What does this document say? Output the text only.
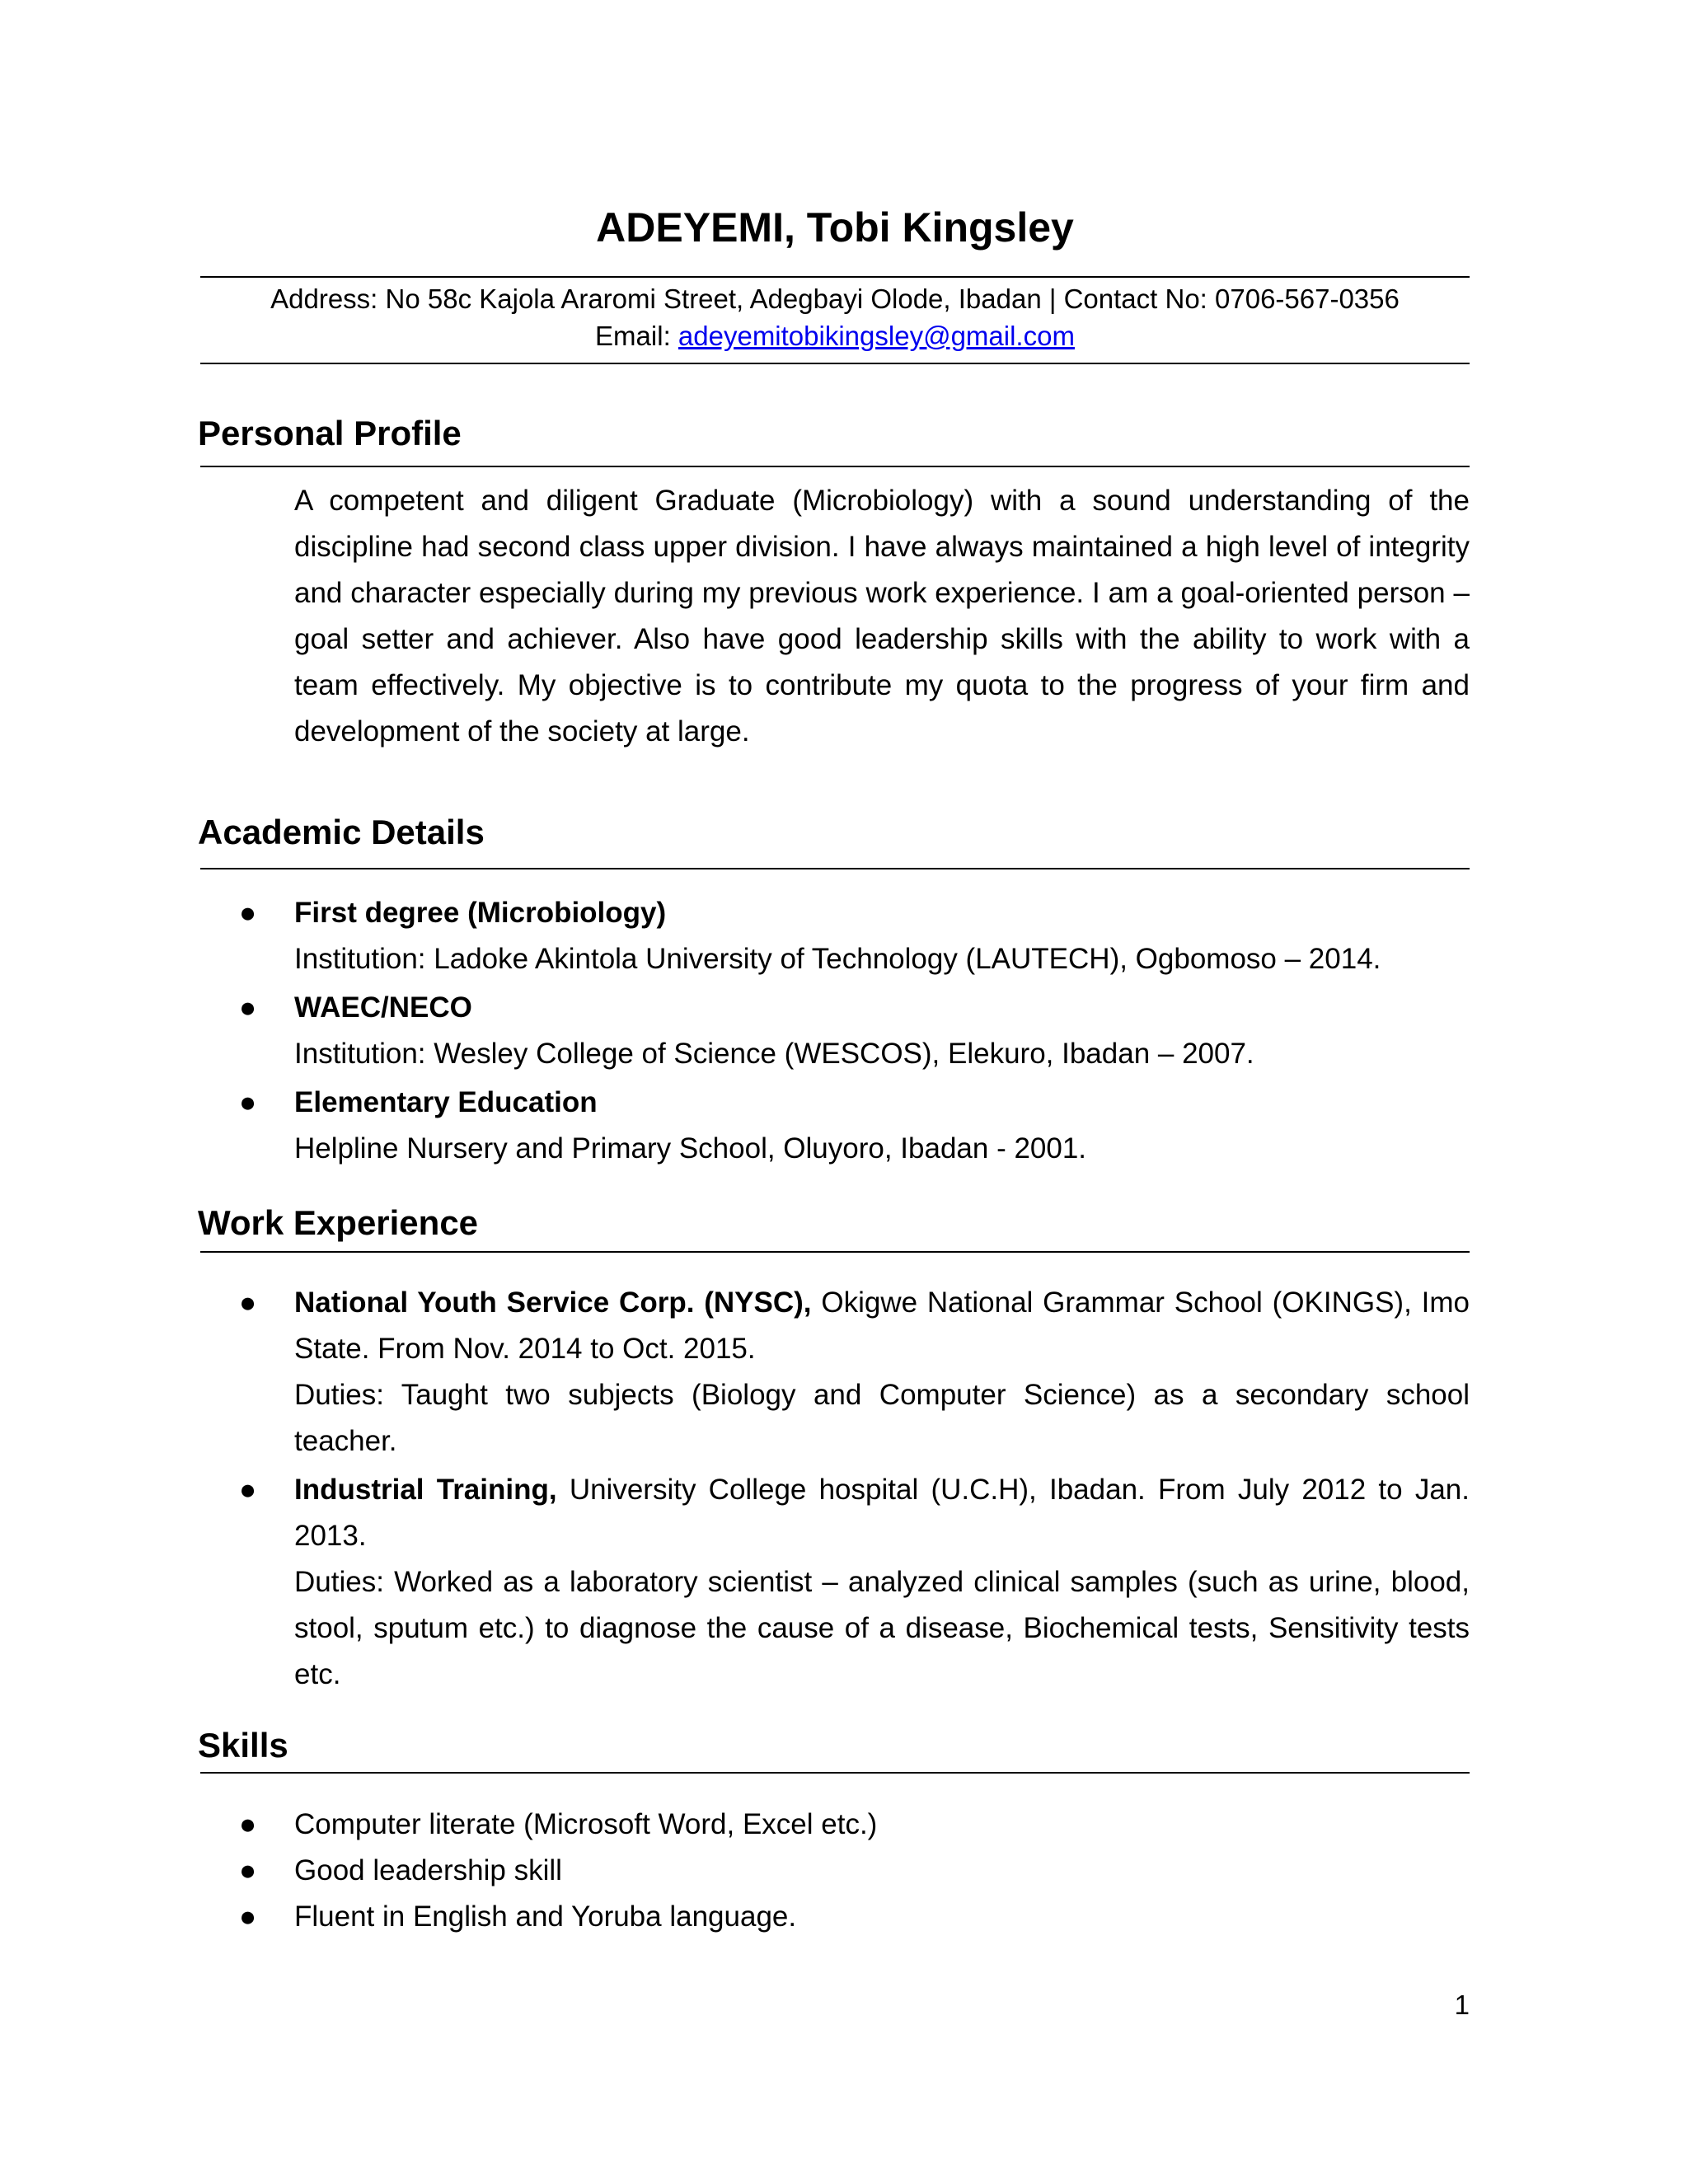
ADEYEMI, Tobi Kingsley
Address: No 58c Kajola Araromi Street, Adegbayi Olode, Ibadan | Contact No: 0706-567-0356
Email: adeyemitobikingsley@gmail.com
Personal Profile
A competent and diligent Graduate (Microbiology) with a sound understanding of the discipline had second class upper division. I have always maintained a high level of integrity and character especially during my previous work experience. I am a goal-oriented person – goal setter and achiever. Also have good leadership skills with the ability to work with a team effectively. My objective is to contribute my quota to the progress of your firm and development of the society at large.
Academic Details
● First degree (Microbiology)
Institution: Ladoke Akintola University of Technology (LAUTECH), Ogbomoso – 2014.
● WAEC/NECO
Institution: Wesley College of Science (WESCOS), Elekuro, Ibadan – 2007.
● Elementary Education
Helpline Nursery and Primary School, Oluyoro, Ibadan - 2001.
Work Experience
● National Youth Service Corp. (NYSC), Okigwe National Grammar School (OKINGS), Imo State. From Nov. 2014 to Oct. 2015.
Duties: Taught two subjects (Biology and Computer Science) as a secondary school teacher.
● Industrial Training, University College hospital (U.C.H), Ibadan. From July 2012 to Jan. 2013.
Duties: Worked as a laboratory scientist – analyzed clinical samples (such as urine, blood, stool, sputum etc.) to diagnose the cause of a disease, Biochemical tests, Sensitivity tests etc.
Skills
● Computer literate (Microsoft Word, Excel etc.)
● Good leadership skill
● Fluent in English and Yoruba language.
1
